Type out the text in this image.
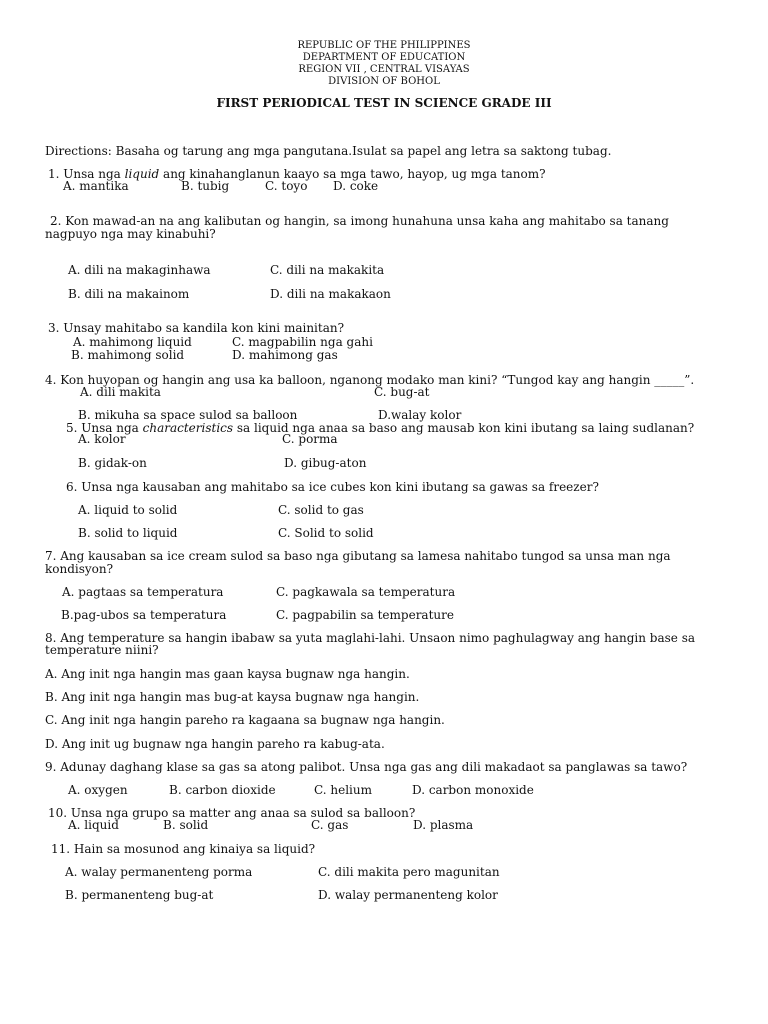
REPUBLIC OF THE PHILIPPINES
DEPARTMENT OF EDUCATION
REGION VII , CENTRAL VISAYAS
DIVISION OF BOHOL
FIRST PERIODICAL TEST IN SCIENCE GRADE III
Directions: Basaha og tarung ang mga pangutana.Isulat sa papel ang letra sa saktong tubag.
1. Unsa nga liquid ang kinahanglanun kaayo sa mga tawo, hayop, ug mga tanom?
A. mantika	B. tubig	C. toyo D. coke
2. Kon mawad-an na ang kalibutan og hangin, sa imong hunahuna unsa kaha ang mahitabo sa tanang
nagpuyo nga may kinabuhi?
A. dili na makaginhawa	C. dili na makakita
B. dili na makainom	D. dili na makakaon
3. Unsay mahitabo sa kandila kon kini mainitan?
A. mahimong liquid	C. magpabilin nga gahi
B. mahimong solid	D. mahimong gas
4. Kon huyopan og hangin ang usa ka balloon, nganong modako man kini? “Tungod kay ang hangin _____”.
A. dili makita	C. bug-at
B. mikuha sa space sulod sa balloon	D.walay kolor
5. Unsa nga characteristics sa liquid nga anaa sa baso ang mausab kon kini ibutang sa laing sudlanan?
A. kolor	C. porma
B. gidak-on	D. gibug-aton
6. Unsa nga kausaban ang mahitabo sa ice cubes kon kini ibutang sa gawas sa freezer?
A. liquid to solid	C. solid to gas
B. solid to liquid	C. Solid to solid
7. Ang kausaban sa ice cream sulod sa baso nga gibutang sa lamesa nahitabo tungod sa unsa man nga
kondisyon?
A. pagtaas sa temperatura	C. pagkawala sa temperatura
B.pag-ubos sa temperatura	C. pagpabilin sa temperature
8. Ang temperature sa hangin ibabaw sa yuta maglahi-lahi. Unsaon nimo paghulagway ang hangin base sa
temperature niini?
A. Ang init nga hangin mas gaan kaysa bugnaw nga hangin.
B. Ang init nga hangin mas bug-at kaysa bugnaw nga hangin.
C. Ang init nga hangin pareho ra kagaana sa bugnaw nga hangin.
D. Ang init ug bugnaw nga hangin pareho ra kabug-ata.
9. Adunay daghang klase sa gas sa atong palibot. Unsa nga gas ang dili makadaot sa panglawas sa tawo?
A. oxygen	B. carbon dioxide	C. helium	D. carbon monoxide
10. Unsa nga grupo sa matter ang anaa sa sulod sa balloon?
A. liquid	B. solid	C. gas	D. plasma
11. Hain sa mosunod ang kinaiya sa liquid?
A. walay permanenteng porma	C. dili makita pero magunitan
B. permanenteng bug-at	D. walay permanenteng kolor
